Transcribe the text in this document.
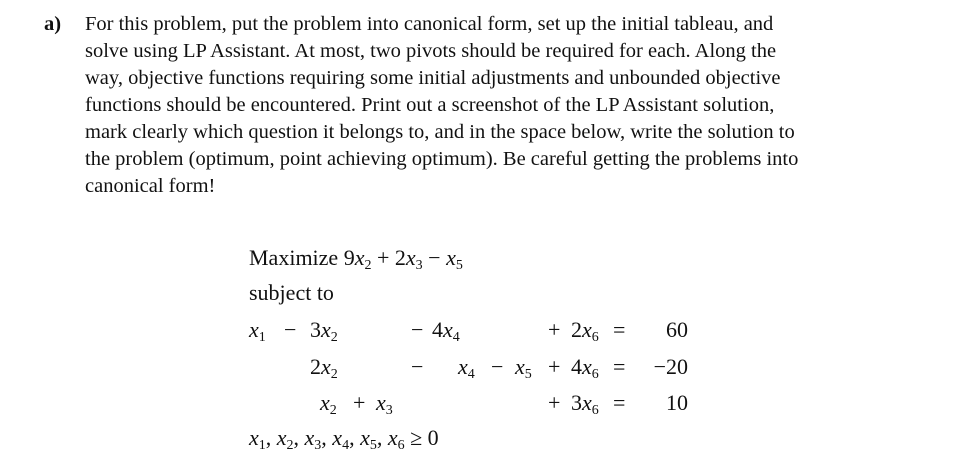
a) For this problem, put the problem into canonical form, set up the initial tableau, and
solve using LP Assistant. At most, two pivots should be required for each. Along the
way, objective functions requiring some initial adjustments and unbounded objective
functions should be encountered. Print out a screenshot of the LP Assistant solution,
mark clearly which question it belongs to, and in the space below, write the solution to
the problem (optimum, point achieving optimum). Be careful getting the problems into
canonical form!
Maximize $9x_2 + 2x_3 - x_5$
subject to
$x_1 - 3x_2$	− $4x_4$	+ $2x_6$ =	60
$2x_2$	− $x_4 - x_5 + 4x_6$ =	−20
$x_2 + x_3$	+ $3x_6$ =	10
$x_1$, $x_2$, $x_3$, $x_4$, $x_5$, $x_6 \ge 0$
